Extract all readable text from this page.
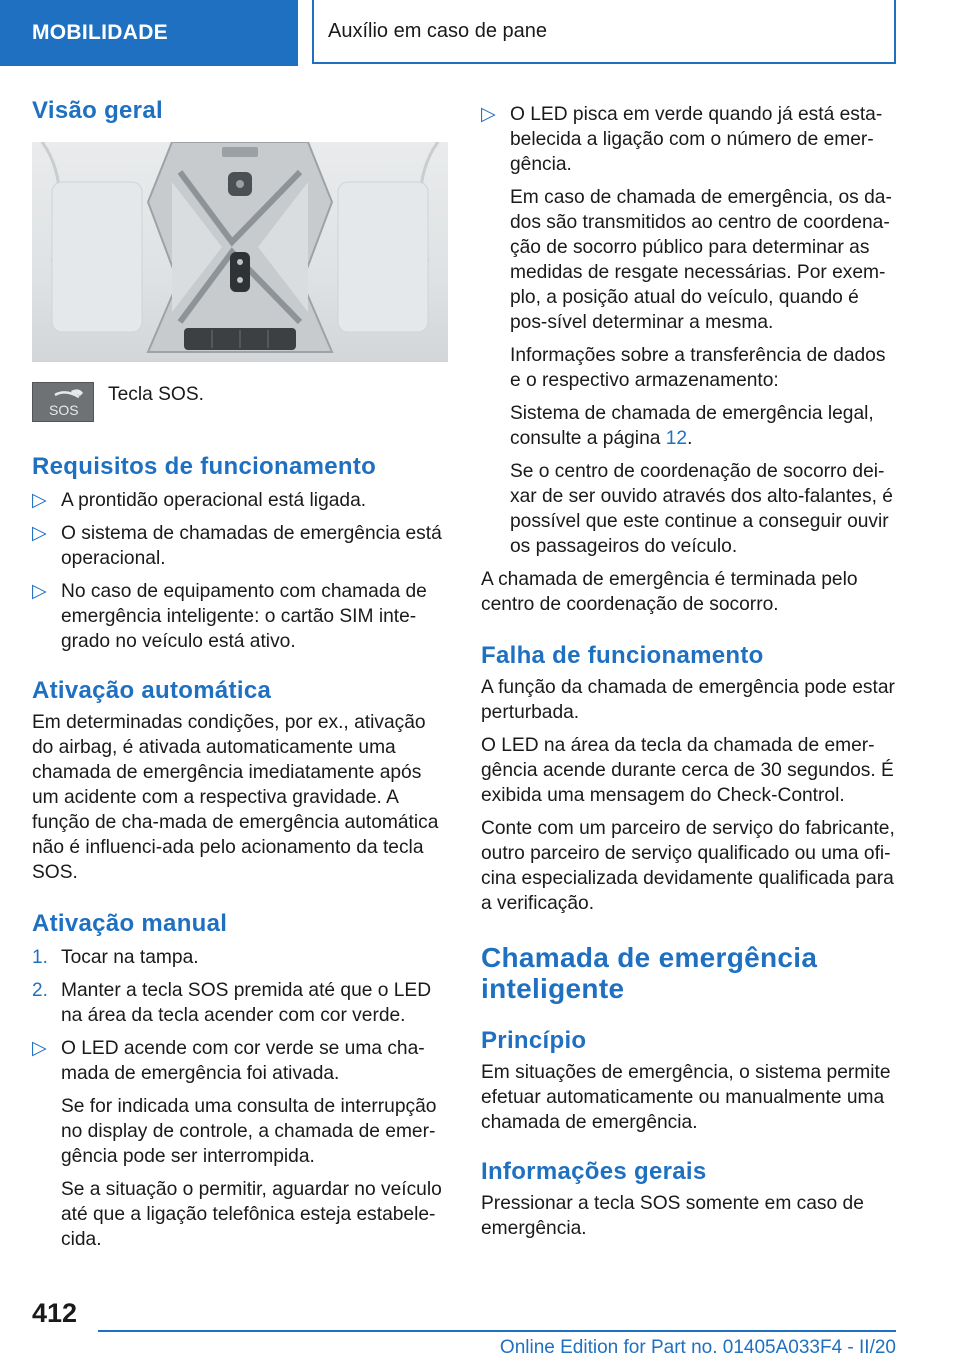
MOBILIDADE	Auxílio em caso de pane
Visão geral
SOS
Tecla SOS.
Requisitos de funcionamento
▷ A prontidão operacional está ligada.
▷ O sistema de chamadas de emergência está operacional.
▷ No caso de equipamento com chamada de emergência inteligente: o cartão SIM inte-grado no veículo está ativo.
Ativação automática

Em determinadas condições, por ex., ativação do airbag, é ativada automaticamente uma chamada de emergência imediatamente após um acidente com a respectiva gravidade. A função de cha-mada de emergência automática não é influenci-ada pelo acionamento da tecla SOS.

Ativação manual
1. Tocar na tampa.
2. Manter a tecla SOS premida até que o LED na área da tecla acender com cor verde.
▷ O LED acende com cor verde se uma cha-mada de emergência foi ativada.
Se for indicada uma consulta de interrupção no display de controle, a chamada de emer-gência pode ser interrompida.
Se a situação o permitir, aguardar no veículo até que a ligação telefônica esteja estabele-cida.
▷ O LED pisca em verde quando já está esta-belecida a ligação com o número de emer-gência.
Em caso de chamada de emergência, os da-dos são transmitidos ao centro de coordena-ção de socorro público para determinar as medidas de resgate necessárias. Por exem-plo, a posição atual do veículo, quando é pos-sível determinar a mesma.
Informações sobre a transferência de dados e o respectivo armazenamento:
Sistema de chamada de emergência legal, consulte a página 12.
Se o centro de coordenação de socorro dei-xar de ser ouvido através dos alto-falantes, é possível que este continue a conseguir ouvir os passageiros do veículo.

A chamada de emergência é terminada pelo centro de coordenação de socorro.

Falha de funcionamento

A função da chamada de emergência pode estar perturbada.

O LED na área da tecla da chamada de emer-gência acende durante cerca de 30 segundos. É exibida uma mensagem do Check-Control.

Conte com um parceiro de serviço do fabricante, outro parceiro de serviço qualificado ou uma ofi-cina especializada devidamente qualificada para a verificação.

Chamada de emergência inteligente
Princípio

Em situações de emergência, o sistema permite efetuar automaticamente ou manualmente uma chamada de emergência.

Informações gerais

Pressionar a tecla SOS somente em caso de emergência.

412
Online Edition for Part no. 01405A033F4 - II/20
